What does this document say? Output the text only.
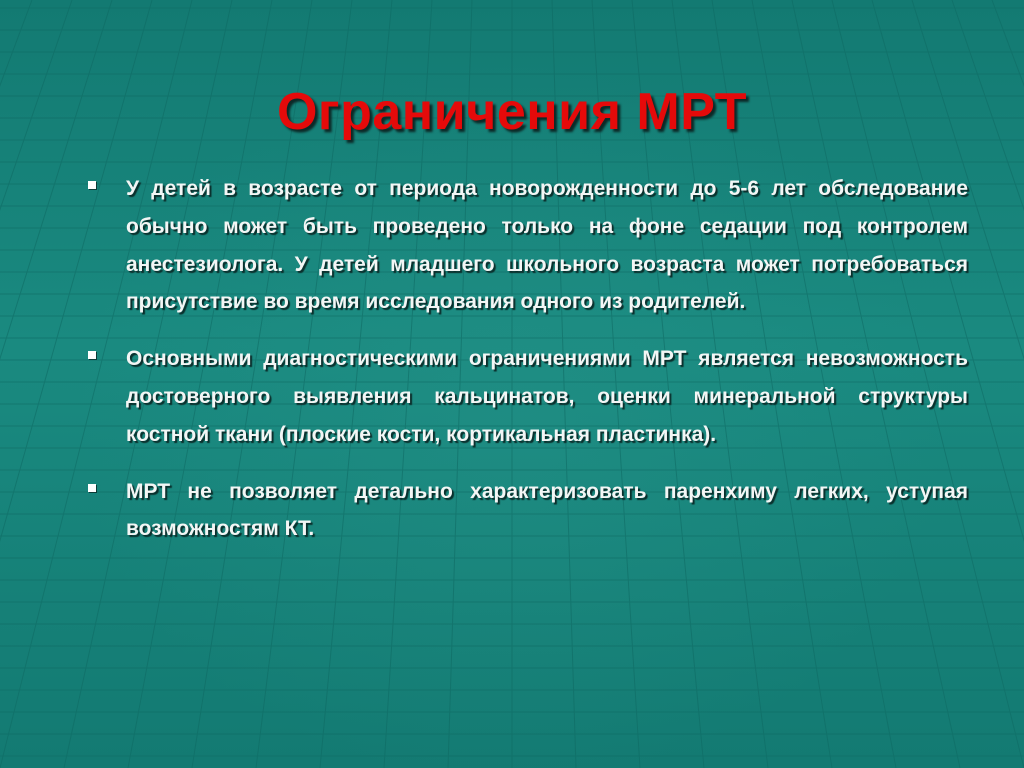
Ограничения МРТ
У детей в возрасте от периода новорожденности до 5-6 лет обследование обычно может быть проведено только на фоне седации под контролем анестезиолога. У детей младшего школьного возраста может потребоваться присутствие во время исследования одного из родителей.
Основными диагностическими ограничениями МРТ является невозможность достоверного выявления кальцинатов, оценки минеральной структуры костной ткани (плоские кости, кортикальная пластинка).
МРТ не позволяет детально характеризовать паренхиму легких, уступая возможностям КТ.
